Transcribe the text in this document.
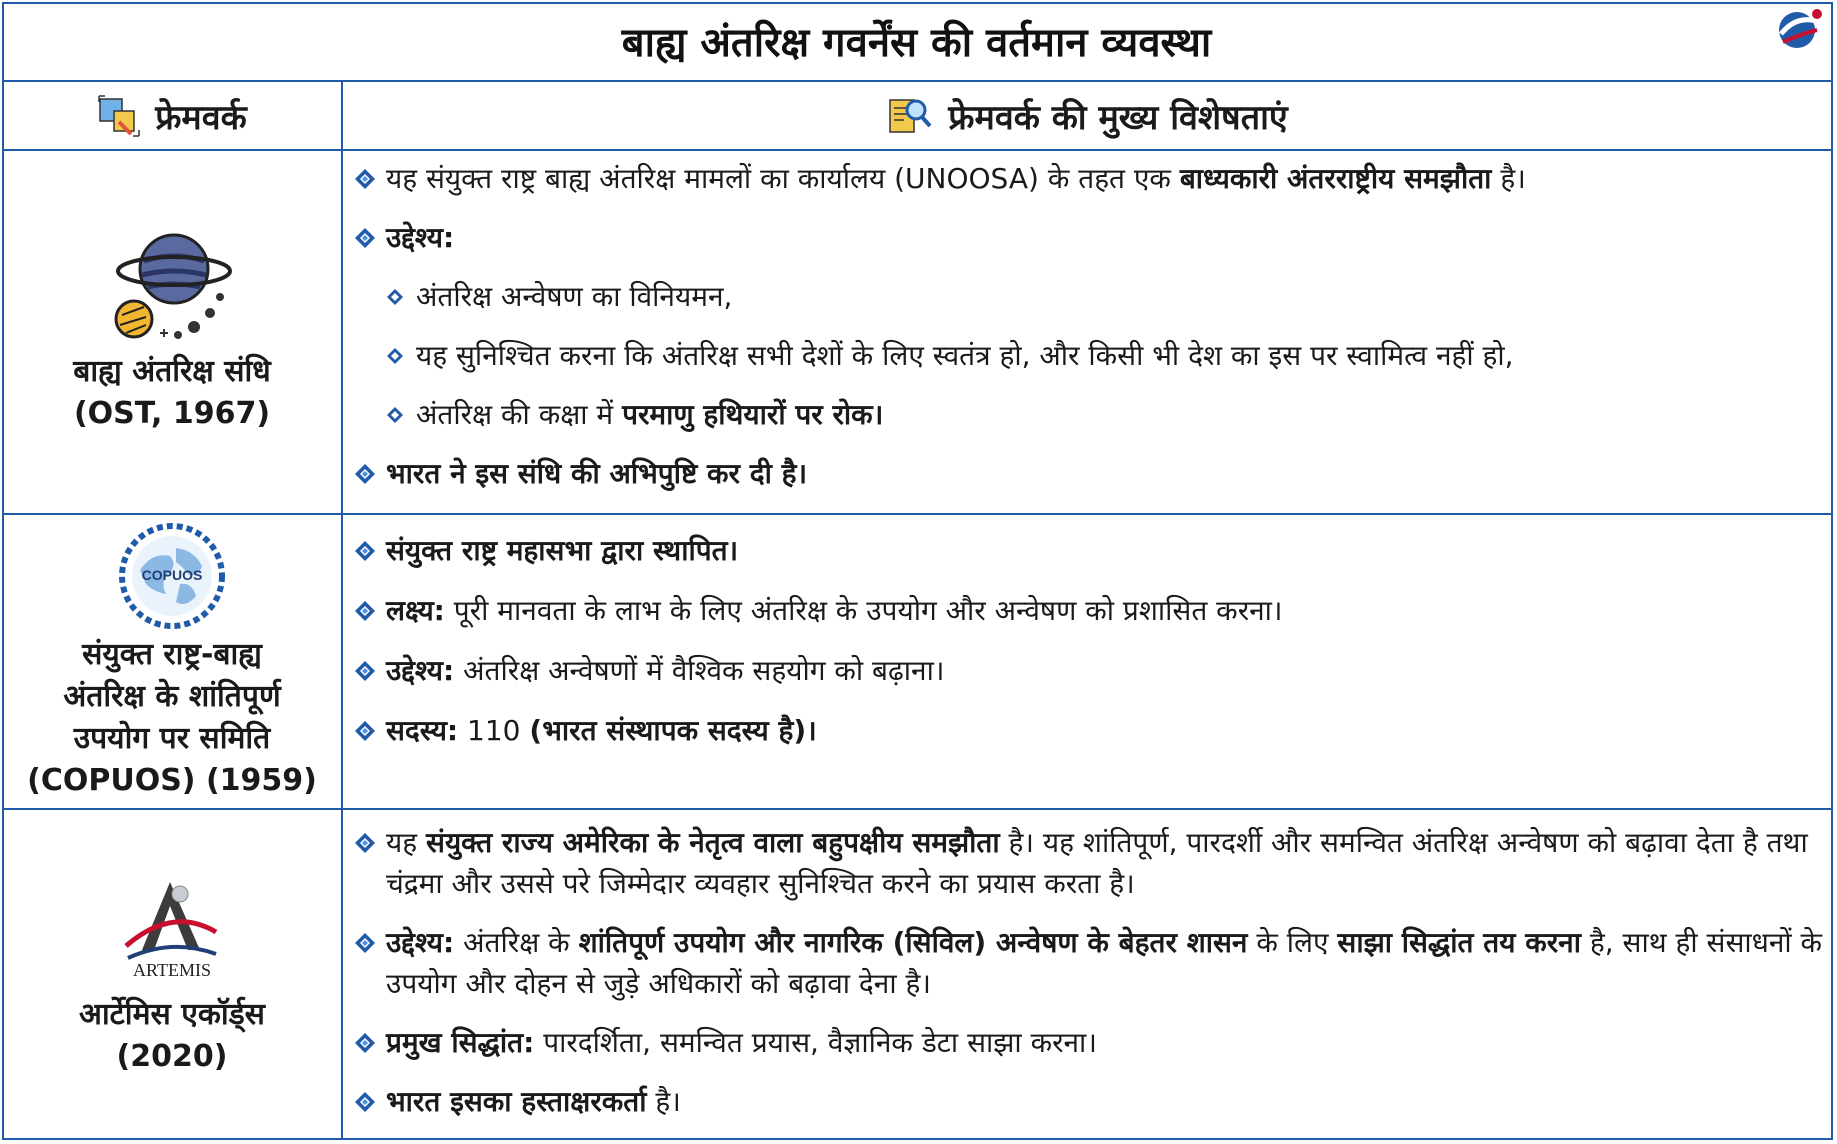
बाह्य अंतरिक्ष गवर्नेंस की वर्तमान व्यवस्था
फ्रेमवर्क	फ्रेमवर्क की मुख्य विशेषताएं
बाह्य अंतरिक्ष संधि
(OST, 1967)

यह संयुक्त राष्ट्र बाह्य अंतरिक्ष मामलों का कार्यालय (UNOOSA) के तहत एक बाध्यकारी अंतरराष्ट्रीय समझौता है।

उद्देश्य:

अंतरिक्ष अन्वेषण का विनियमन,

यह सुनिश्चित करना कि अंतरिक्ष सभी देशों के लिए स्वतंत्र हो, और किसी भी देश का इस पर स्वामित्व नहीं हो,

अंतरिक्ष की कक्षा में परमाणु हथियारों पर रोक।

भारत ने इस संधि की अभिपुष्टि कर दी है।

COPUOS
संयुक्त राष्ट्र-बाह्य
अंतरिक्ष के शांतिपूर्ण
उपयोग पर समिति
(COPUOS) (1959)

संयुक्त राष्ट्र महासभा द्वारा स्थापित।

लक्ष्य: पूरी मानवता के लाभ के लिए अंतरिक्ष के उपयोग और अन्वेषण को प्रशासित करना।

उद्देश्य: अंतरिक्ष अन्वेषणों में वैश्विक सहयोग को बढ़ाना।

सदस्य: 110 (भारत संस्थापक सदस्य है)।

ARTEMIS
आर्टेमिस एकॉर्ड्स
(2020)

यह संयुक्त राज्य अमेरिका के नेतृत्व वाला बहुपक्षीय समझौता है। यह शांतिपूर्ण, पारदर्शी और समन्वित अंतरिक्ष अन्वेषण को बढ़ावा देता है तथा चंद्रमा और उससे परे जिम्मेदार व्यवहार सुनिश्चित करने का प्रयास करता है।

उद्देश्य: अंतरिक्ष के शांतिपूर्ण उपयोग और नागरिक (सिविल) अन्वेषण के बेहतर शासन के लिए साझा सिद्धांत तय करना है, साथ ही संसाधनों के उपयोग और दोहन से जुड़े अधिकारों को बढ़ावा देना है।

प्रमुख सिद्धांत: पारदर्शिता, समन्वित प्रयास, वैज्ञानिक डेटा साझा करना।

भारत इसका हस्ताक्षरकर्ता है।
